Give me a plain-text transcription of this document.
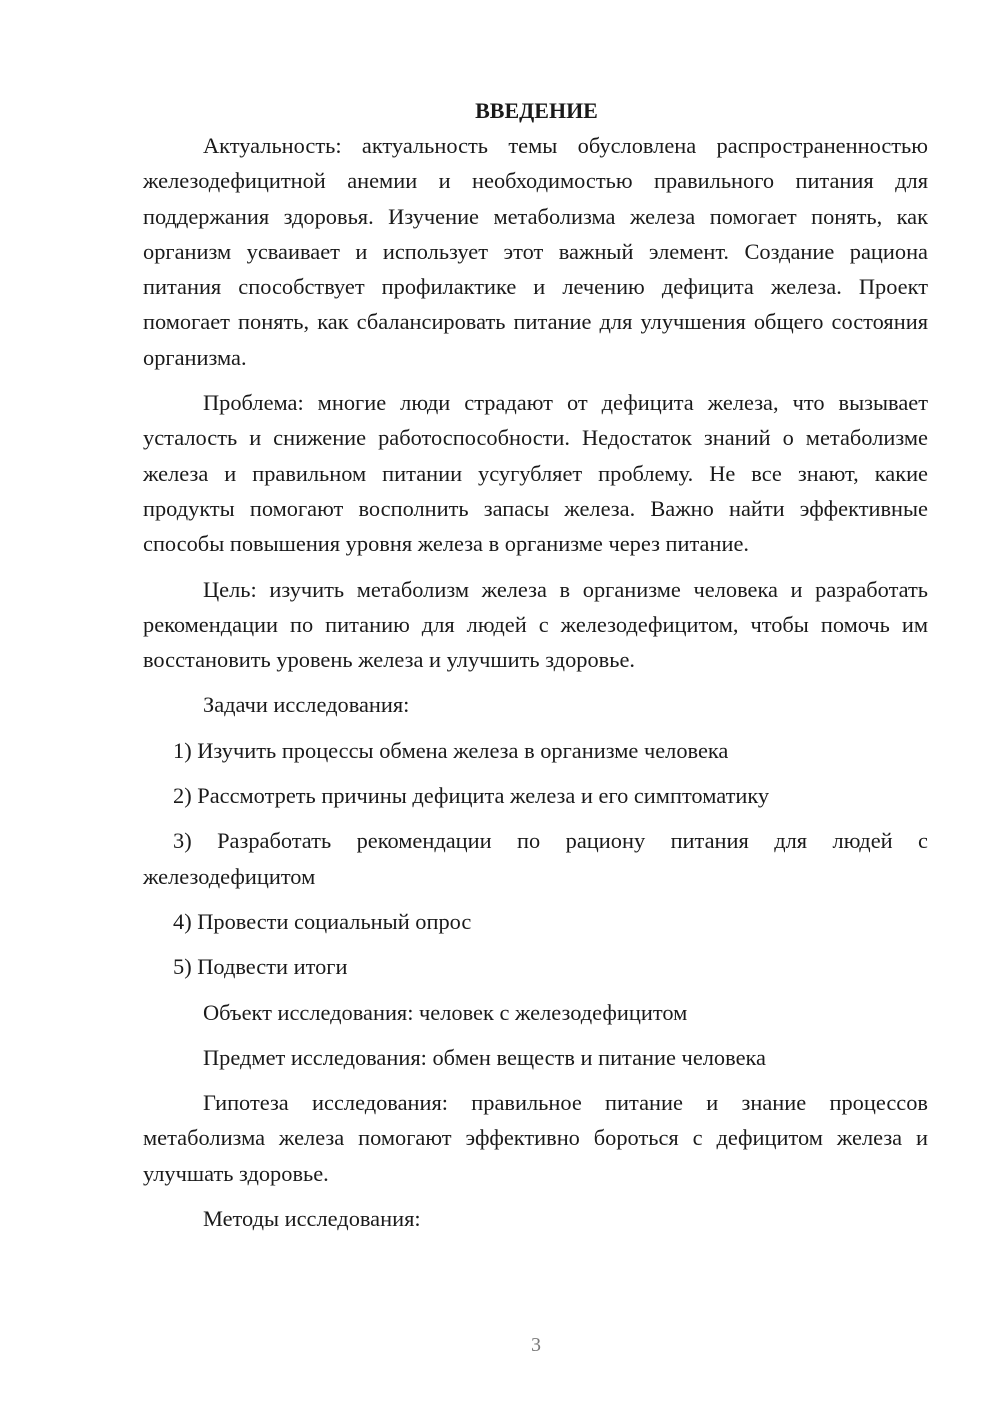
ВВЕДЕНИЕ

Актуальность: актуальность темы обусловлена распространенностью железодефицитной анемии и необходимостью правильного питания для поддержания здоровья. Изучение метаболизма железа помогает понять, как организм усваивает и использует этот важный элемент. Создание рациона питания способствует профилактике и лечению дефицита железа. Проект помогает понять, как сбалансировать питание для улучшения общего состояния организма.

Проблема: многие люди страдают от дефицита железа, что вызывает усталость и снижение работоспособности. Недостаток знаний о метаболизме железа и правильном питании усугубляет проблему. Не все знают, какие продукты помогают восполнить запасы железа. Важно найти эффективные способы повышения уровня железа в организме через питание.

Цель: изучить метаболизм железа в организме человека и разработать рекомендации по питанию для людей с железодефицитом, чтобы помочь им восстановить уровень железа и улучшить здоровье.

Задачи исследования:

1) Изучить процессы обмена железа в организме человека

2) Рассмотреть причины дефицита железа и его симптоматику

3) Разработать рекомендации по рациону питания для людей с железодефицитом

4) Провести социальный опрос

5) Подвести итоги

Объект исследования: человек с железодефицитом

Предмет исследования: обмен веществ и питание человека

Гипотеза исследования: правильное питание и знание процессов метаболизма железа помогают эффективно бороться с дефицитом железа и улучшать здоровье.

Методы исследования:

3
